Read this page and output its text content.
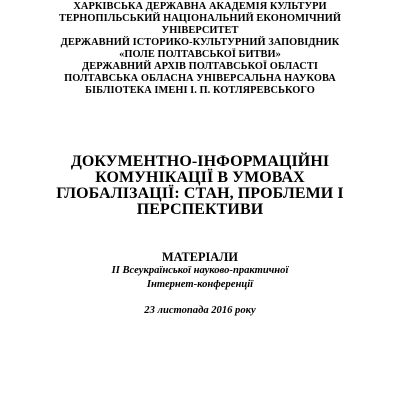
ХАРКІВСЬКА ДЕРЖАВНА АКАДЕМІЯ КУЛЬТУРИ
ТЕРНОПІЛЬСЬКИЙ НАЦІОНАЛЬНИЙ ЕКОНОМІЧНИЙ
УНІВЕРСИТЕТ
ДЕРЖАВНИЙ ІСТОРИКО-КУЛЬТУРНИЙ ЗАПОВІДНИК
«ПОЛЕ ПОЛТАВСЬКОЇ БИТВИ»
ДЕРЖАВНИЙ АРХІВ ПОЛТАВСЬКОЇ ОБЛАСТІ
ПОЛТАВСЬКА ОБЛАСНА УНІВЕРСАЛЬНА НАУКОВА
БІБЛІОТЕКА ІМЕНІ І. П. КОТЛЯРЕВСЬКОГО
ДОКУМЕНТНО-ІНФОРМАЦІЙНІ
КОМУНІКАЦІЇ В УМОВАХ
ГЛОБАЛІЗАЦІЇ: СТАН, ПРОБЛЕМИ І
ПЕРСПЕКТИВИ
МАТЕРІАЛИ
ІІ Всеукраїнської науково-практичної
Інтернет-конференції
23 листопада 2016 року
